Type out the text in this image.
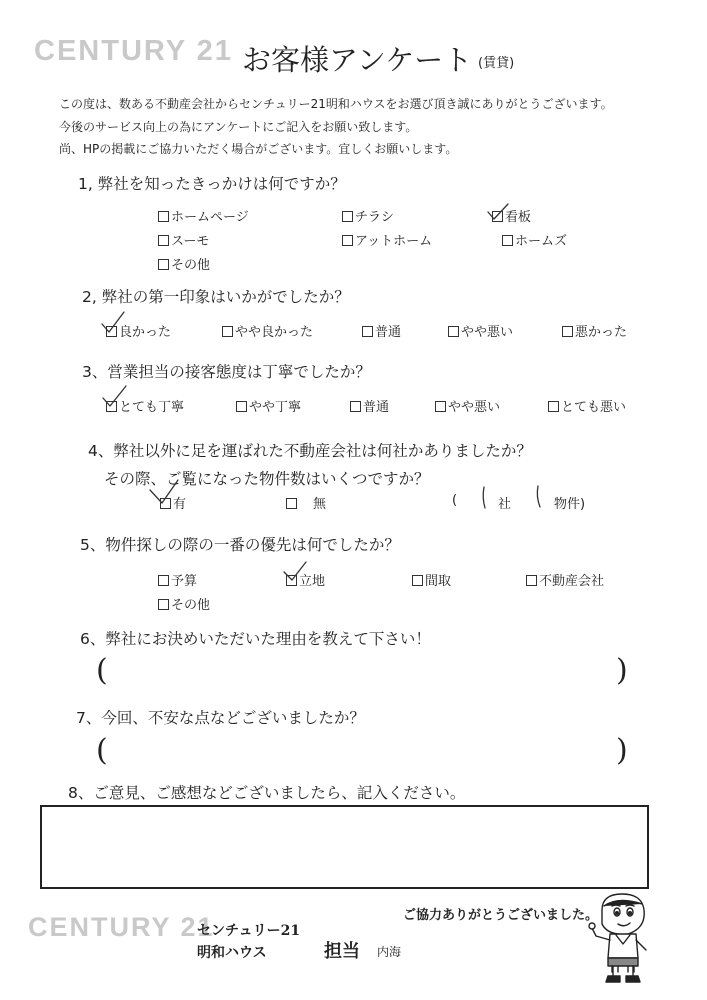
CENTURY 21 お客様アンケート (賃貸)
この度は、数ある不動産会社からセンチュリー21明和ハウスをお選び頂き誠にありがとうございます。
今後のサービス向上の為にアンケートにご記入をお願い致します。
尚、HPの掲載にご協力いただく場合がございます。宜しくお願いします。
1, 弊社を知ったきっかけは何ですか？
ホームページ	チラシ	看板
スーモ	アットホーム	ホームズ
その他
2, 弊社の第一印象はいかがでしたか？
良かった	やや良かった	普通	やや悪い	悪かった
3、営業担当の接客態度は丁寧でしたか？
とても丁寧	やや丁寧	普通	やや悪い	とても悪い
4、弊社以外に足を運ばれた不動産会社は何社かありましたか？
その際、ご覧になった物件数はいくつですか？
有	無	(	社	物件)
5、物件探しの際の一番の優先は何でしたか？
予算	立地	間取	不動産会社
その他
6、弊社にお決めいただいた理由を教えて下さい！
(	)
7、今回、不安な点などございましたか？
(	)
8、ご意見、ご感想などございましたら、記入ください。
ご協力ありがとうございました。
CENTURY 21
センチュリー21
明和ハウス	担当 内海
